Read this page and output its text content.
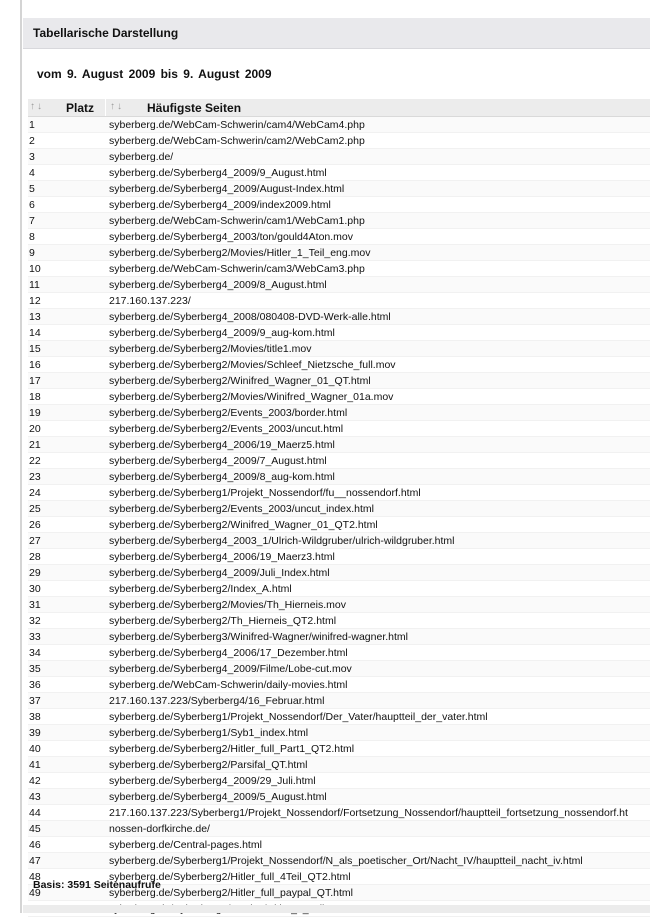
Tabellarische Darstellung
vom 9. August 2009 bis 9. August 2009
↑↓ Platz ↑↓ Häufigste Seiten
1	syberberg.de/WebCam-Schwerin/cam4/WebCam4.php
2	syberberg.de/WebCam-Schwerin/cam2/WebCam2.php
3	syberberg.de/
4	syberberg.de/Syberberg4_2009/9_August.html
5	syberberg.de/Syberberg4_2009/August-Index.html
6	syberberg.de/Syberberg4_2009/index2009.html
7	syberberg.de/WebCam-Schwerin/cam1/WebCam1.php
8	syberberg.de/Syberberg4_2003/ton/gould4Aton.mov
9	syberberg.de/Syberberg2/Movies/Hitler_1_Teil_eng.mov
10	syberberg.de/WebCam-Schwerin/cam3/WebCam3.php
11	syberberg.de/Syberberg4_2009/8_August.html
12	217.160.137.223/
13	syberberg.de/Syberberg4_2008/080408-DVD-Werk-alle.html
14	syberberg.de/Syberberg4_2009/9_aug-kom.html
15	syberberg.de/Syberberg2/Movies/title1.mov
16	syberberg.de/Syberberg2/Movies/Schleef_Nietzsche_full.mov
17	syberberg.de/Syberberg2/Winifred_Wagner_01_QT.html
18	syberberg.de/Syberberg2/Movies/Winifred_Wagner_01a.mov
19	syberberg.de/Syberberg2/Events_2003/border.html
20	syberberg.de/Syberberg2/Events_2003/uncut.html
21	syberberg.de/Syberberg4_2006/19_Maerz5.html
22	syberberg.de/Syberberg4_2009/7_August.html
23	syberberg.de/Syberberg4_2009/8_aug-kom.html
24	syberberg.de/Syberberg1/Projekt_Nossendorf/fu__nossendorf.html
25	syberberg.de/Syberberg2/Events_2003/uncut_index.html
26	syberberg.de/Syberberg2/Winifred_Wagner_01_QT2.html
27	syberberg.de/Syberberg4_2003_1/Ulrich-Wildgruber/ulrich-wildgruber.html
28	syberberg.de/Syberberg4_2006/19_Maerz3.html
29	syberberg.de/Syberberg4_2009/Juli_Index.html
30	syberberg.de/Syberberg2/Index_A.html
31	syberberg.de/Syberberg2/Movies/Th_Hierneis.mov
32	syberberg.de/Syberberg2/Th_Hierneis_QT2.html
33	syberberg.de/Syberberg3/Winifred-Wagner/winifred-wagner.html
34	syberberg.de/Syberberg4_2006/17_Dezember.html
35	syberberg.de/Syberberg4_2009/Filme/Lobe-cut.mov
36	syberberg.de/WebCam-Schwerin/daily-movies.html
37	217.160.137.223/Syberberg4/16_Februar.html
38	syberberg.de/Syberberg1/Projekt_Nossendorf/Der_Vater/hauptteil_der_vater.html
39	syberberg.de/Syberberg1/Syb1_index.html
40	syberberg.de/Syberberg2/Hitler_full_Part1_QT2.html
41	syberberg.de/Syberberg2/Parsifal_QT.html
42	syberberg.de/Syberberg4_2009/29_Juli.html
43	syberberg.de/Syberberg4_2009/5_August.html
44	217.160.137.223/Syberberg1/Projekt_Nossendorf/Fortsetzung_Nossendorf/hauptteil_fortsetzung_nossendorf.ht
45	nossen-dorfkirche.de/
46	syberberg.de/Central-pages.html
47	syberberg.de/Syberberg1/Projekt_Nossendorf/N_als_poetischer_Ort/Nacht_IV/hauptteil_nacht_iv.html
48	syberberg.de/Syberberg2/Hitler_full_4Teil_QT2.html
49	syberberg.de/Syberberg2/Hitler_full_paypal_QT.html

Basis: 3591 Seitenaufrufe
